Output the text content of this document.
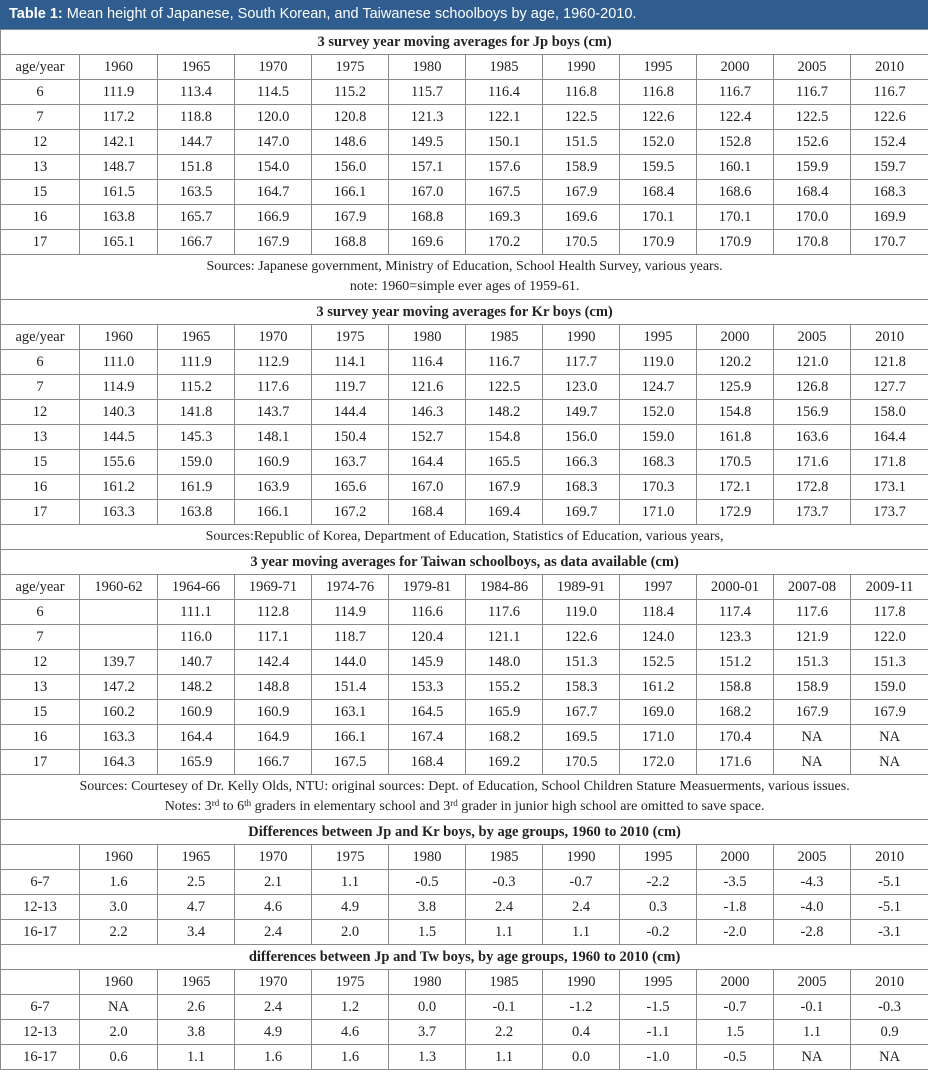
Table 1: Mean height of Japanese, South Korean, and Taiwanese schoolboys by age, 1960-2010.
3 survey year moving averages for Jp boys (cm)											
age/year	1960	1965	1970	1975	1980	1985	1990	1995	2000	2005	2010
6	111.9	113.4	114.5	115.2	115.7	116.4	116.8	116.8	116.7	116.7	116.7
7	117.2	118.8	120.0	120.8	121.3	122.1	122.5	122.6	122.4	122.5	122.6
12	142.1	144.7	147.0	148.6	149.5	150.1	151.5	152.0	152.8	152.6	152.4
13	148.7	151.8	154.0	156.0	157.1	157.6	158.9	159.5	160.1	159.9	159.7
15	161.5	163.5	164.7	166.1	167.0	167.5	167.9	168.4	168.6	168.4	168.3
16	163.8	165.7	166.9	167.9	168.8	169.3	169.6	170.1	170.1	170.0	169.9
17	165.1	166.7	167.9	168.8	169.6	170.2	170.5	170.9	170.9	170.8	170.7

Sources: Japanese government, Ministry of Education, School Health Survey, various years.
note: 1960=simple ever ages of 1959-61.											

3 survey year moving averages for Kr boys (cm)											
age/year	1960	1965	1970	1975	1980	1985	1990	1995	2000	2005	2010
6	111.0	111.9	112.9	114.1	116.4	116.7	117.7	119.0	120.2	121.0	121.8
7	114.9	115.2	117.6	119.7	121.6	122.5	123.0	124.7	125.9	126.8	127.7
12	140.3	141.8	143.7	144.4	146.3	148.2	149.7	152.0	154.8	156.9	158.0
13	144.5	145.3	148.1	150.4	152.7	154.8	156.0	159.0	161.8	163.6	164.4
15	155.6	159.0	160.9	163.7	164.4	165.5	166.3	168.3	170.5	171.6	171.8
16	161.2	161.9	163.9	165.6	167.0	167.9	168.3	170.3	172.1	172.8	173.1
17	163.3	163.8	166.1	167.2	168.4	169.4	169.7	171.0	172.9	173.7	173.7

Sources:Republic of Korea, Department of Education, Statistics of Education, various years,											

3 year moving averages for Taiwan schoolboys, as data available (cm)											
age/year	1960-62	1964-66	1969-71	1974-76	1979-81	1984-86	1989-91	1997	2000-01	2007-08	2009-11
6		111.1	112.8	114.9	116.6	117.6	119.0	118.4	117.4	117.6	117.8
7		116.0	117.1	118.7	120.4	121.1	122.6	124.0	123.3	121.9	122.0
12	139.7	140.7	142.4	144.0	145.9	148.0	151.3	152.5	151.2	151.3	151.3
13	147.2	148.2	148.8	151.4	153.3	155.2	158.3	161.2	158.8	158.9	159.0
15	160.2	160.9	160.9	163.1	164.5	165.9	167.7	169.0	168.2	167.9	167.9
16	163.3	164.4	164.9	166.1	167.4	168.2	169.5	171.0	170.4	NA	NA
17	164.3	165.9	166.7	167.5	168.4	169.2	170.5	172.0	171.6	NA	NA

Sources: Courtesey of Dr. Kelly Olds, NTU: original sources: Dept. of Education, School Children Stature Measuerments, various issues.
Notes: 3rd to 6th graders in elementary school and 3rd grader in junior high school are omitted to save space.											

Differences between Jp and Kr boys, by age groups, 1960 to 2010 (cm)											
	1960	1965	1970	1975	1980	1985	1990	1995	2000	2005	2010
6-7	1.6	2.5	2.1	1.1	-0.5	-0.3	-0.7	-2.2	-3.5	-4.3	-5.1
12-13	3.0	4.7	4.6	4.9	3.8	2.4	2.4	0.3	-1.8	-4.0	-5.1
16-17	2.2	3.4	2.4	2.0	1.5	1.1	1.1	-0.2	-2.0	-2.8	-3.1
differences between Jp and Tw boys, by age groups, 1960 to 2010 (cm)											
	1960	1965	1970	1975	1980	1985	1990	1995	2000	2005	2010
6-7	NA	2.6	2.4	1.2	0.0	-0.1	-1.2	-1.5	-0.7	-0.1	-0.3
12-13	2.0	3.8	4.9	4.6	3.7	2.2	0.4	-1.1	1.5	1.1	0.9
16-17	0.6	1.1	1.6	1.6	1.3	1.1	0.0	-1.0	-0.5	NA	NA
